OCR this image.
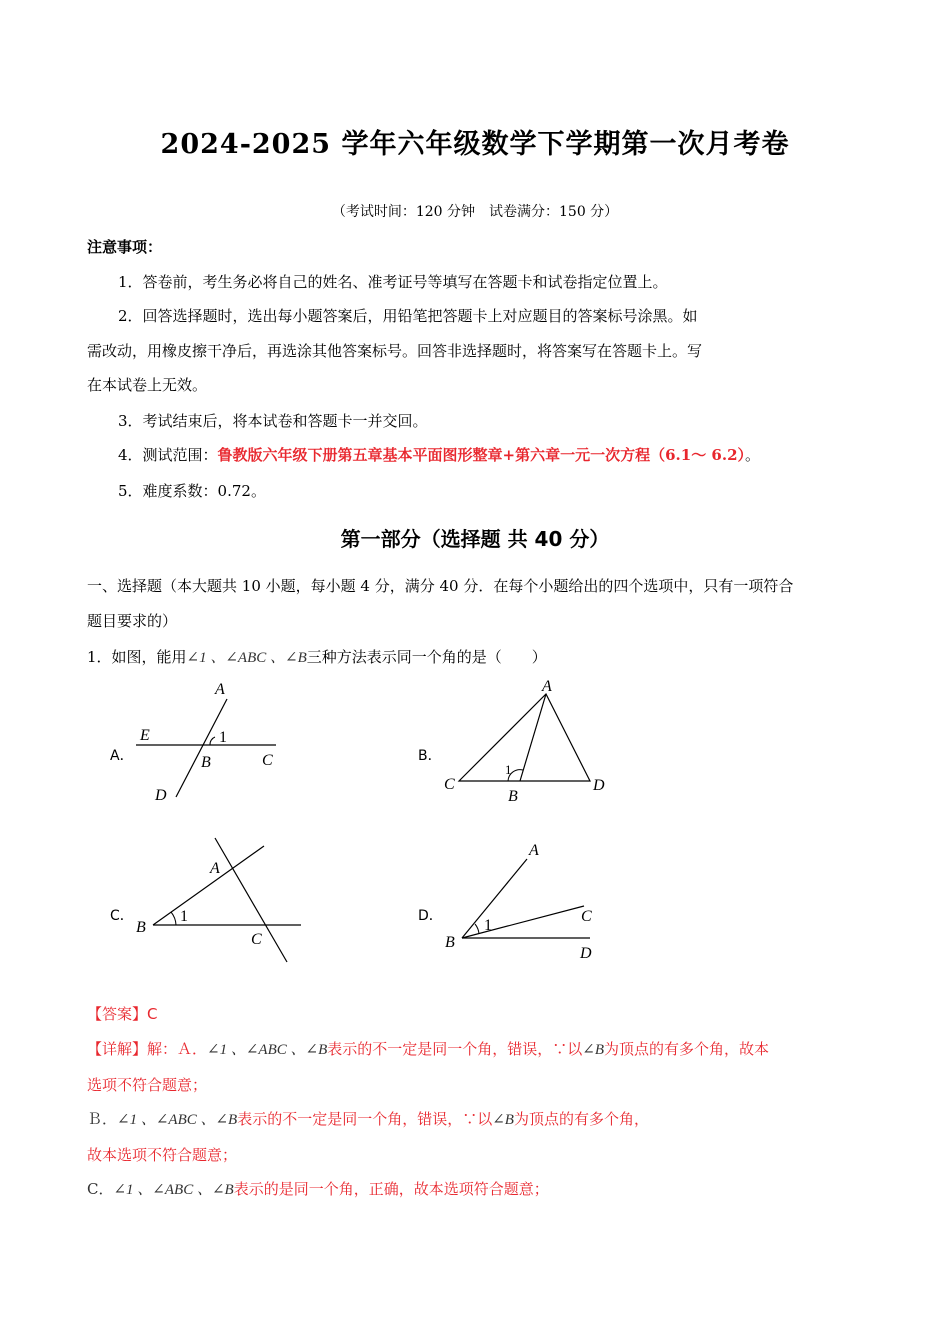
2024-2025 学年六年级数学下学期第一次月考卷
（考试时间：120 分钟　试卷满分：150 分）
注意事项：
1．答卷前，考生务必将自己的姓名、准考证号等填写在答题卡和试卷指定位置上。
2．回答选择题时，选出每小题答案后，用铅笔把答题卡上对应题目的答案标号涂黑。如
需改动，用橡皮擦干净后，再选涂其他答案标号。回答非选择题时，将答案写在答题卡上。写
在本试卷上无效。
3．考试结束后，将本试卷和答题卡一并交回。
4．测试范围：鲁教版六年级下册第五章基本平面图形整章+第六章一元一次方程（6.1～ 6.2）。
5．难度系数：0.72。
第一部分（选择题 共 40 分）
一、选择题（本大题共 10 小题，每小题 4 分，满分 40 分．在每个小题给出的四个选项中，只有一项符合
题目要求的）
1．如图，能用∠1 、∠ABC 、∠B三种方法表示同一个角的是（　　）
A．
A
E	1
B	C
D
B．
A
1
C
B
D
C．
A
B
1
C
D．
A
1
C
B
D
【答案】C
【详解】解：Ａ．∠1 、∠ABC 、∠B表示的不一定是同一个角，错误，∵以∠B为顶点的有多个角，故本
选项不符合题意；
Ｂ．∠1 、∠ABC 、∠B表示的不一定是同一个角，错误，∵以∠B为顶点的有多个角，
故本选项不符合题意；
C．∠1 、∠ABC 、∠B表示的是同一个角，正确，故本选项符合题意；
